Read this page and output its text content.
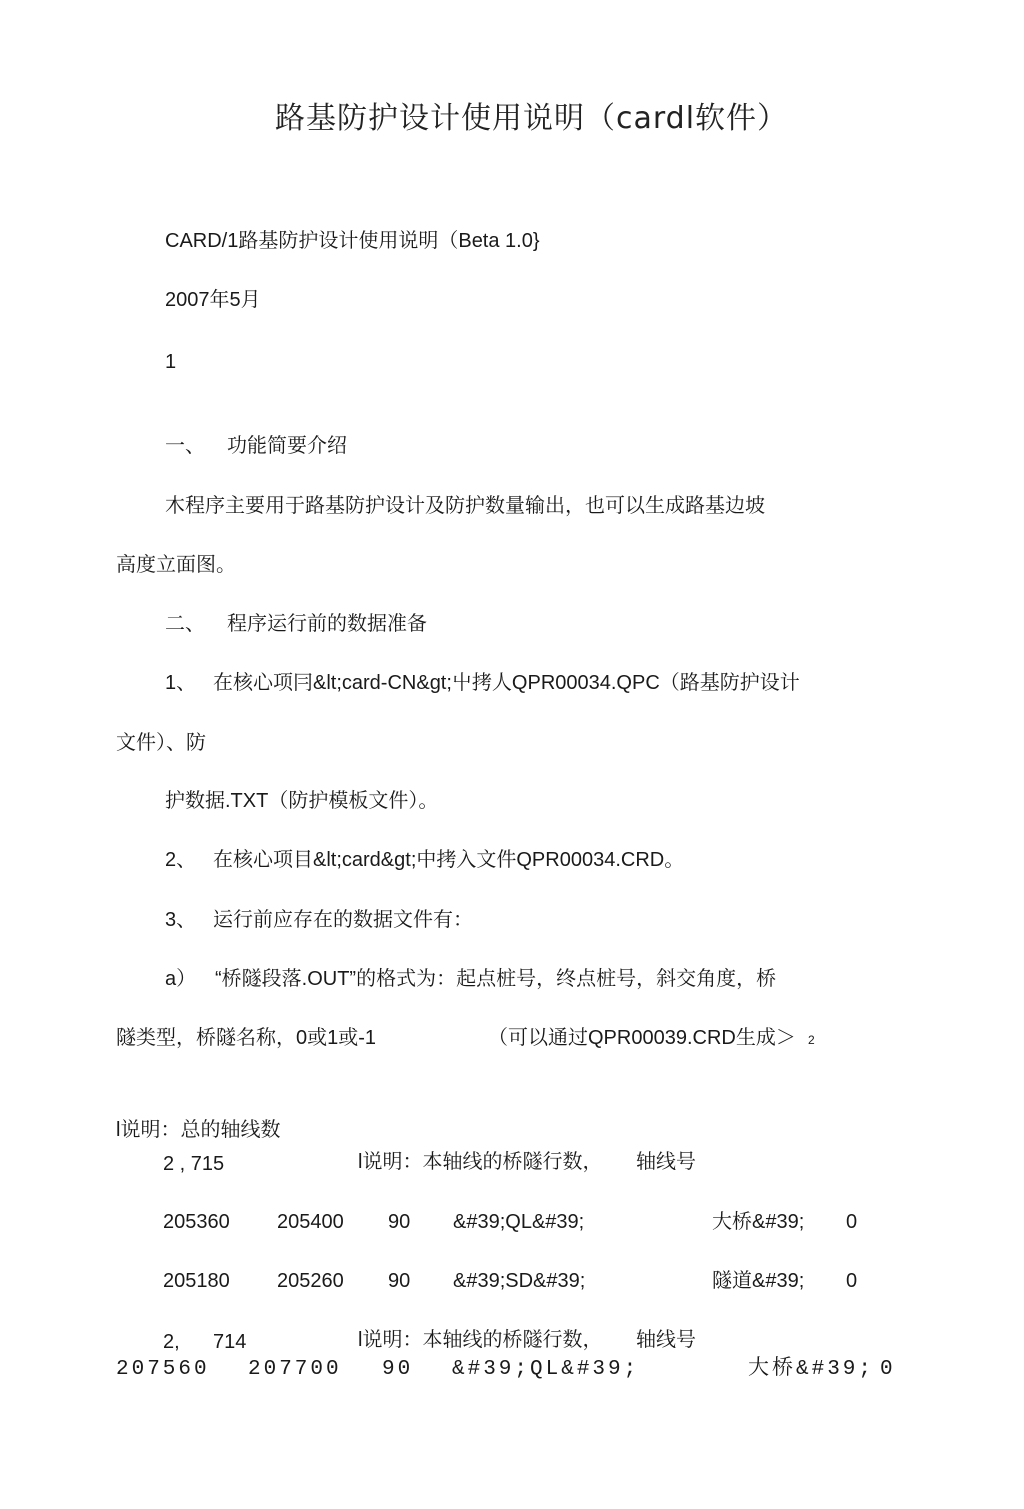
路基防护设计使用说明（cardl软件）
CARD/1路基防护设计使用说明（Beta 1.0}
2007年5月
1
一、 功能简要介绍
木程序主要用于路基防护设计及防护数量输出，也可以生成路基边坡
高度立面图。
二、 程序运行前的数据准备
1、 在核心项冃&lt;card-CN&gt;屮拷人QPR00034.QPC（路基防护设计
文件）、防
护数据.TXT（防护模板文件）。
2、 在核心项目&lt;card&gt;中拷入文件QPR00034.CRD。
3、 运行前应存在的数据文件有：
a） “桥隧段落.OUT”的格式为：起点桩号，终点桩号，斜交角度，桥
隧类型，桥隧名称，0或1或-1	（可以通过QPR00039.CRD生成＞ 2
l说明：总的轴线数
2 , 715	l说明：本轴线的桥隧行数， 轴线号
205360 205400 90 &#39;QL&#39;	大桥&#39; 0
205180 205260 90 &#39;SD&#39;	隧道&#39; 0
2, 714	l说明：本轴线的桥隧行数， 轴线号
207560 207700 90 &#39;QL&#39;	大桥&#39; 0
